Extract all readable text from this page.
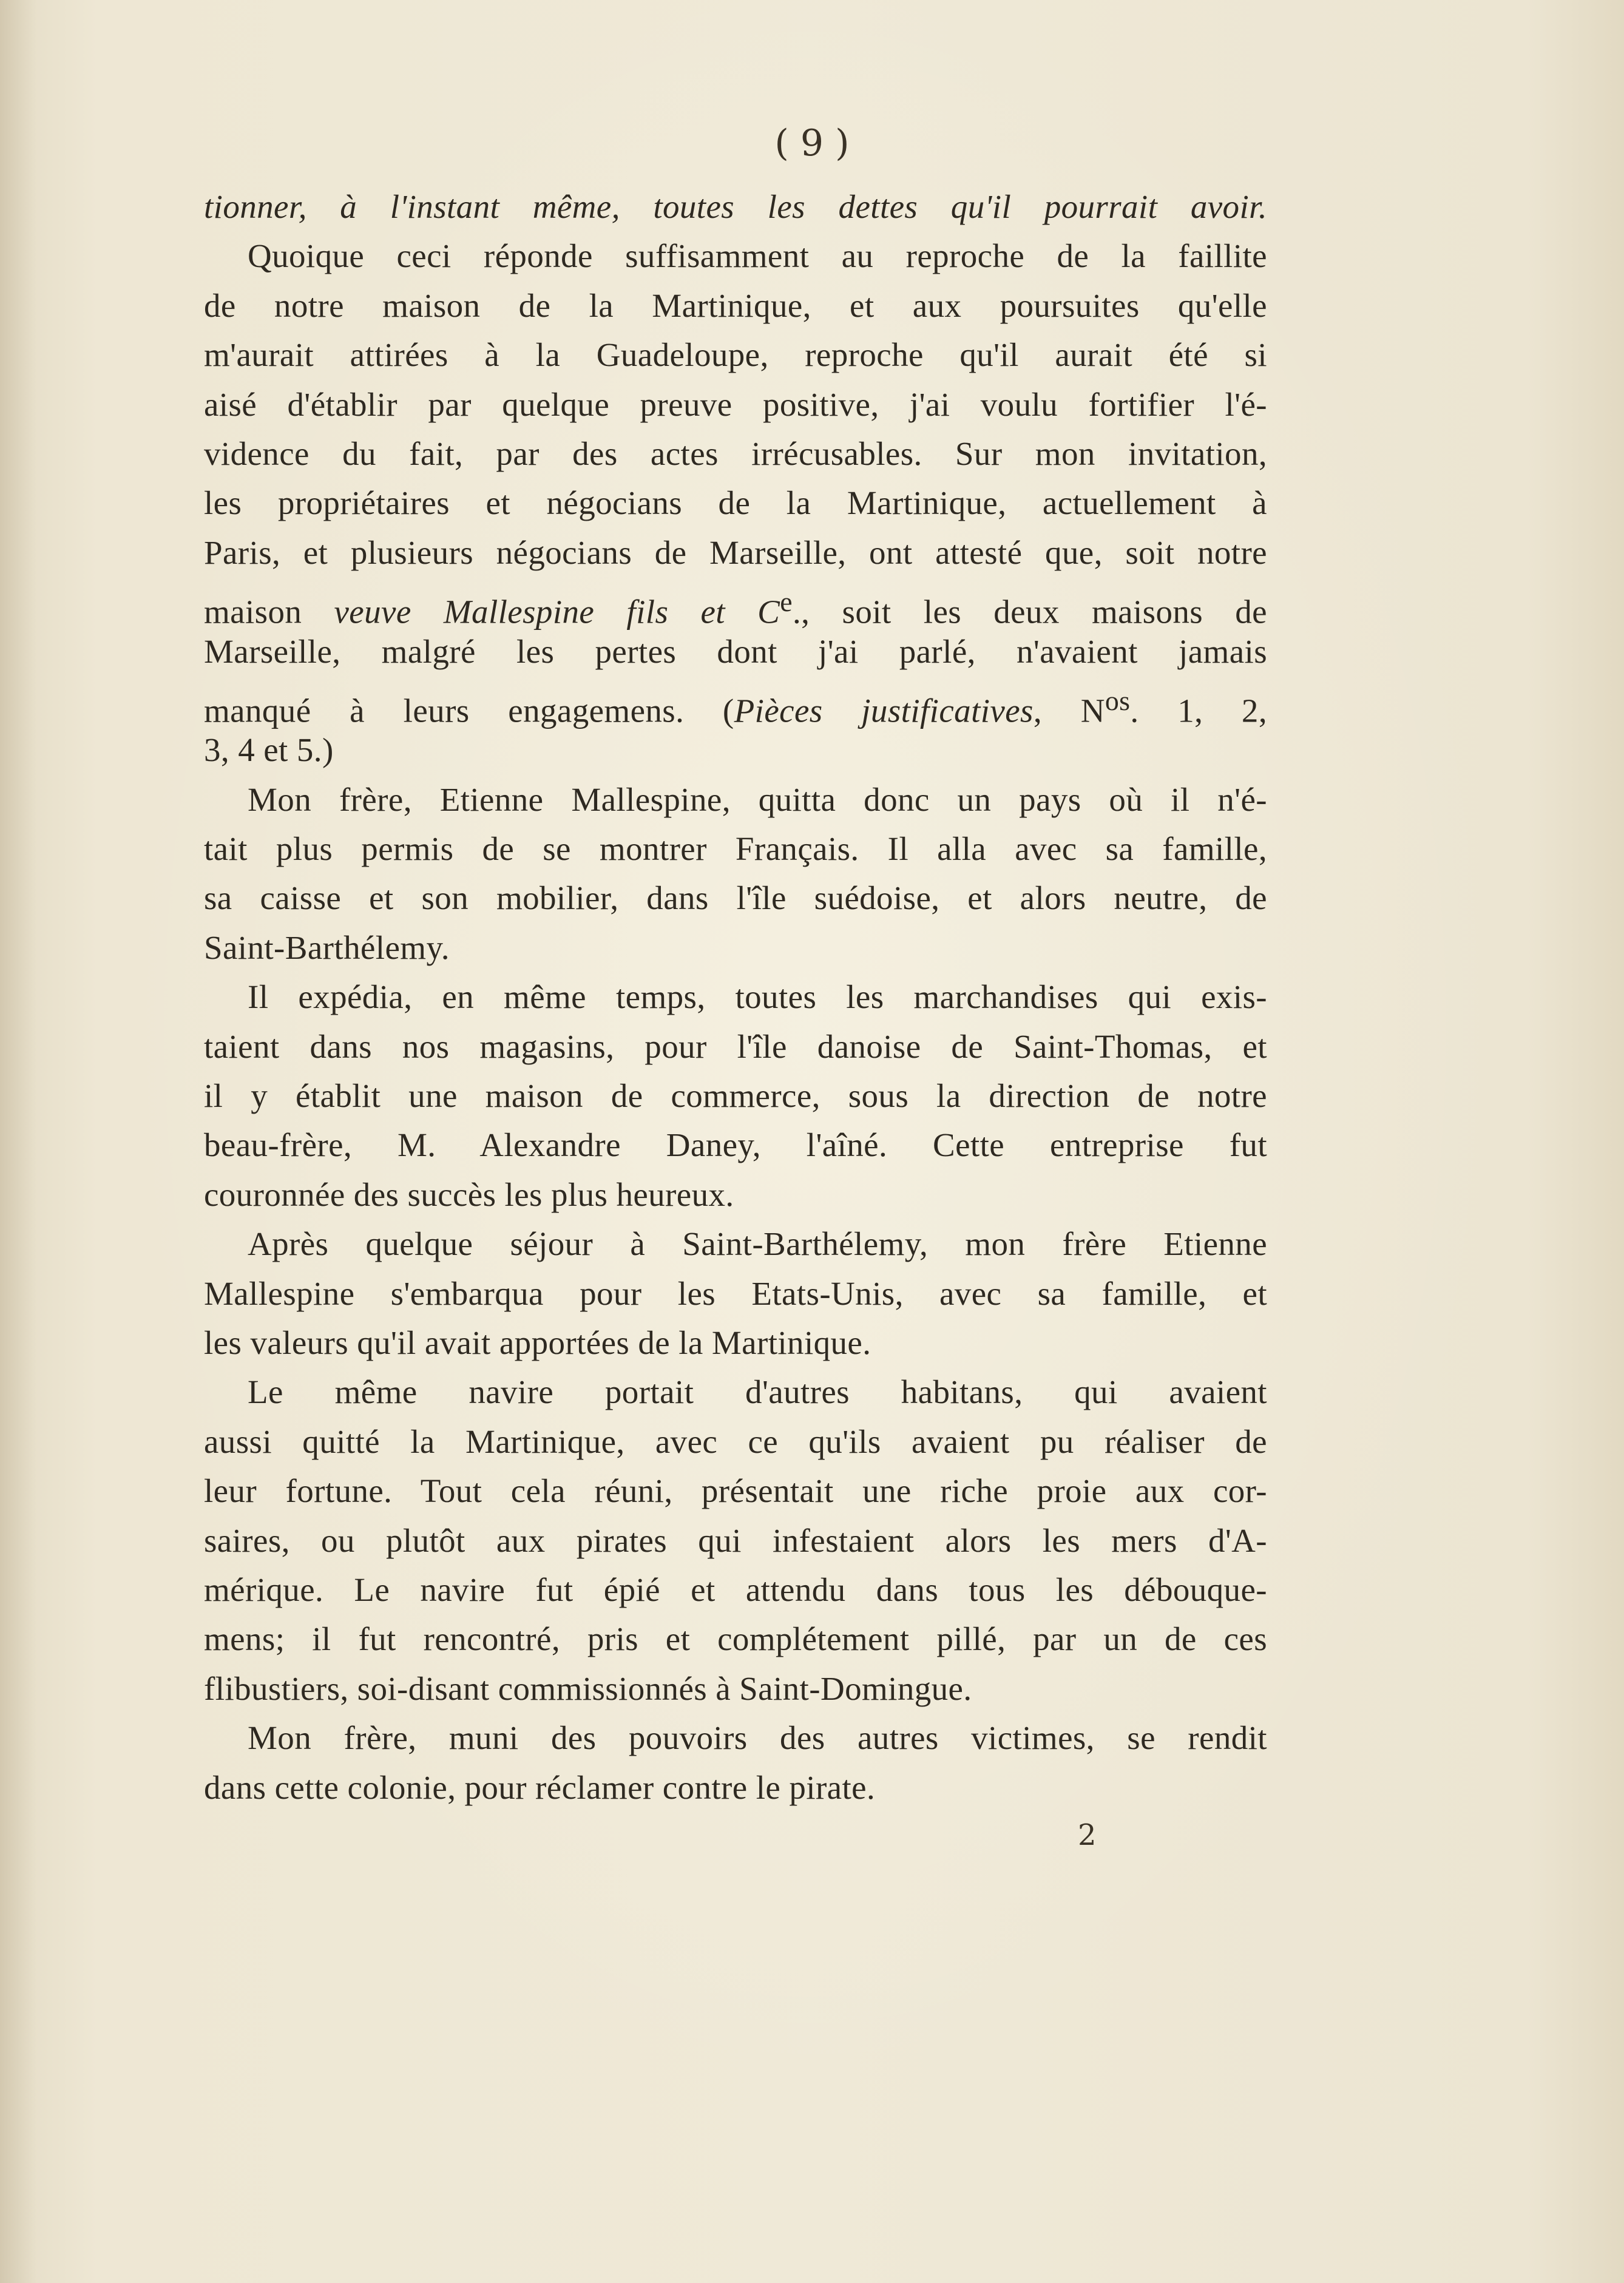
( 9 )

tionner, à l'instant même, toutes les dettes qu'il pourrait avoir.
Quoique ceci réponde suffisamment au reproche de la faillite
de notre maison de la Martinique, et aux poursuites qu'elle
m'aurait attirées à la Guadeloupe, reproche qu'il aurait été si
aisé d'établir par quelque preuve positive, j'ai voulu fortifier l'é-
vidence du fait, par des actes irrécusables. Sur mon invitation,
les propriétaires et négocians de la Martinique, actuellement à
Paris, et plusieurs négocians de Marseille, ont attesté que, soit notre
maison veuve Mallespine fils et Ce., soit les deux maisons de
Marseille, malgré les pertes dont j'ai parlé, n'avaient jamais
manqué à leurs engagemens. (Pièces justificatives, $N^{os}$. 1, 2,
3, 4 et 5.)
Mon frère, Etienne Mallespine, quitta donc un pays où il n'é-
tait plus permis de se montrer Français. Il alla avec sa famille,
sa caisse et son mobilier, dans l'île suédoise, et alors neutre, de
Saint-Barthélemy.
Il expédia, en même temps, toutes les marchandises qui exis-
taient dans nos magasins, pour l'île danoise de Saint-Thomas, et
il y établit une maison de commerce, sous la direction de notre
beau-frère, M. Alexandre Daney, l'aîné. Cette entreprise fut
couronnée des succès les plus heureux.
Après quelque séjour à Saint-Barthélemy, mon frère Etienne
Mallespine s'embarqua pour les Etats-Unis, avec sa famille, et
les valeurs qu'il avait apportées de la Martinique.
Le même navire portait d'autres habitans, qui avaient
aussi quitté la Martinique, avec ce qu'ils avaient pu réaliser de
leur fortune. Tout cela réuni, présentait une riche proie aux cor-
saires, ou plutôt aux pirates qui infestaient alors les mers d'A-
mérique. Le navire fut épié et attendu dans tous les débouque-
mens; il fut rencontré, pris et complétement pillé, par un de ces
flibustiers, soi-disant commissionnés à Saint-Domingue.
Mon frère, muni des pouvoirs des autres victimes, se rendit
dans cette colonie, pour réclamer contre le pirate.

2
